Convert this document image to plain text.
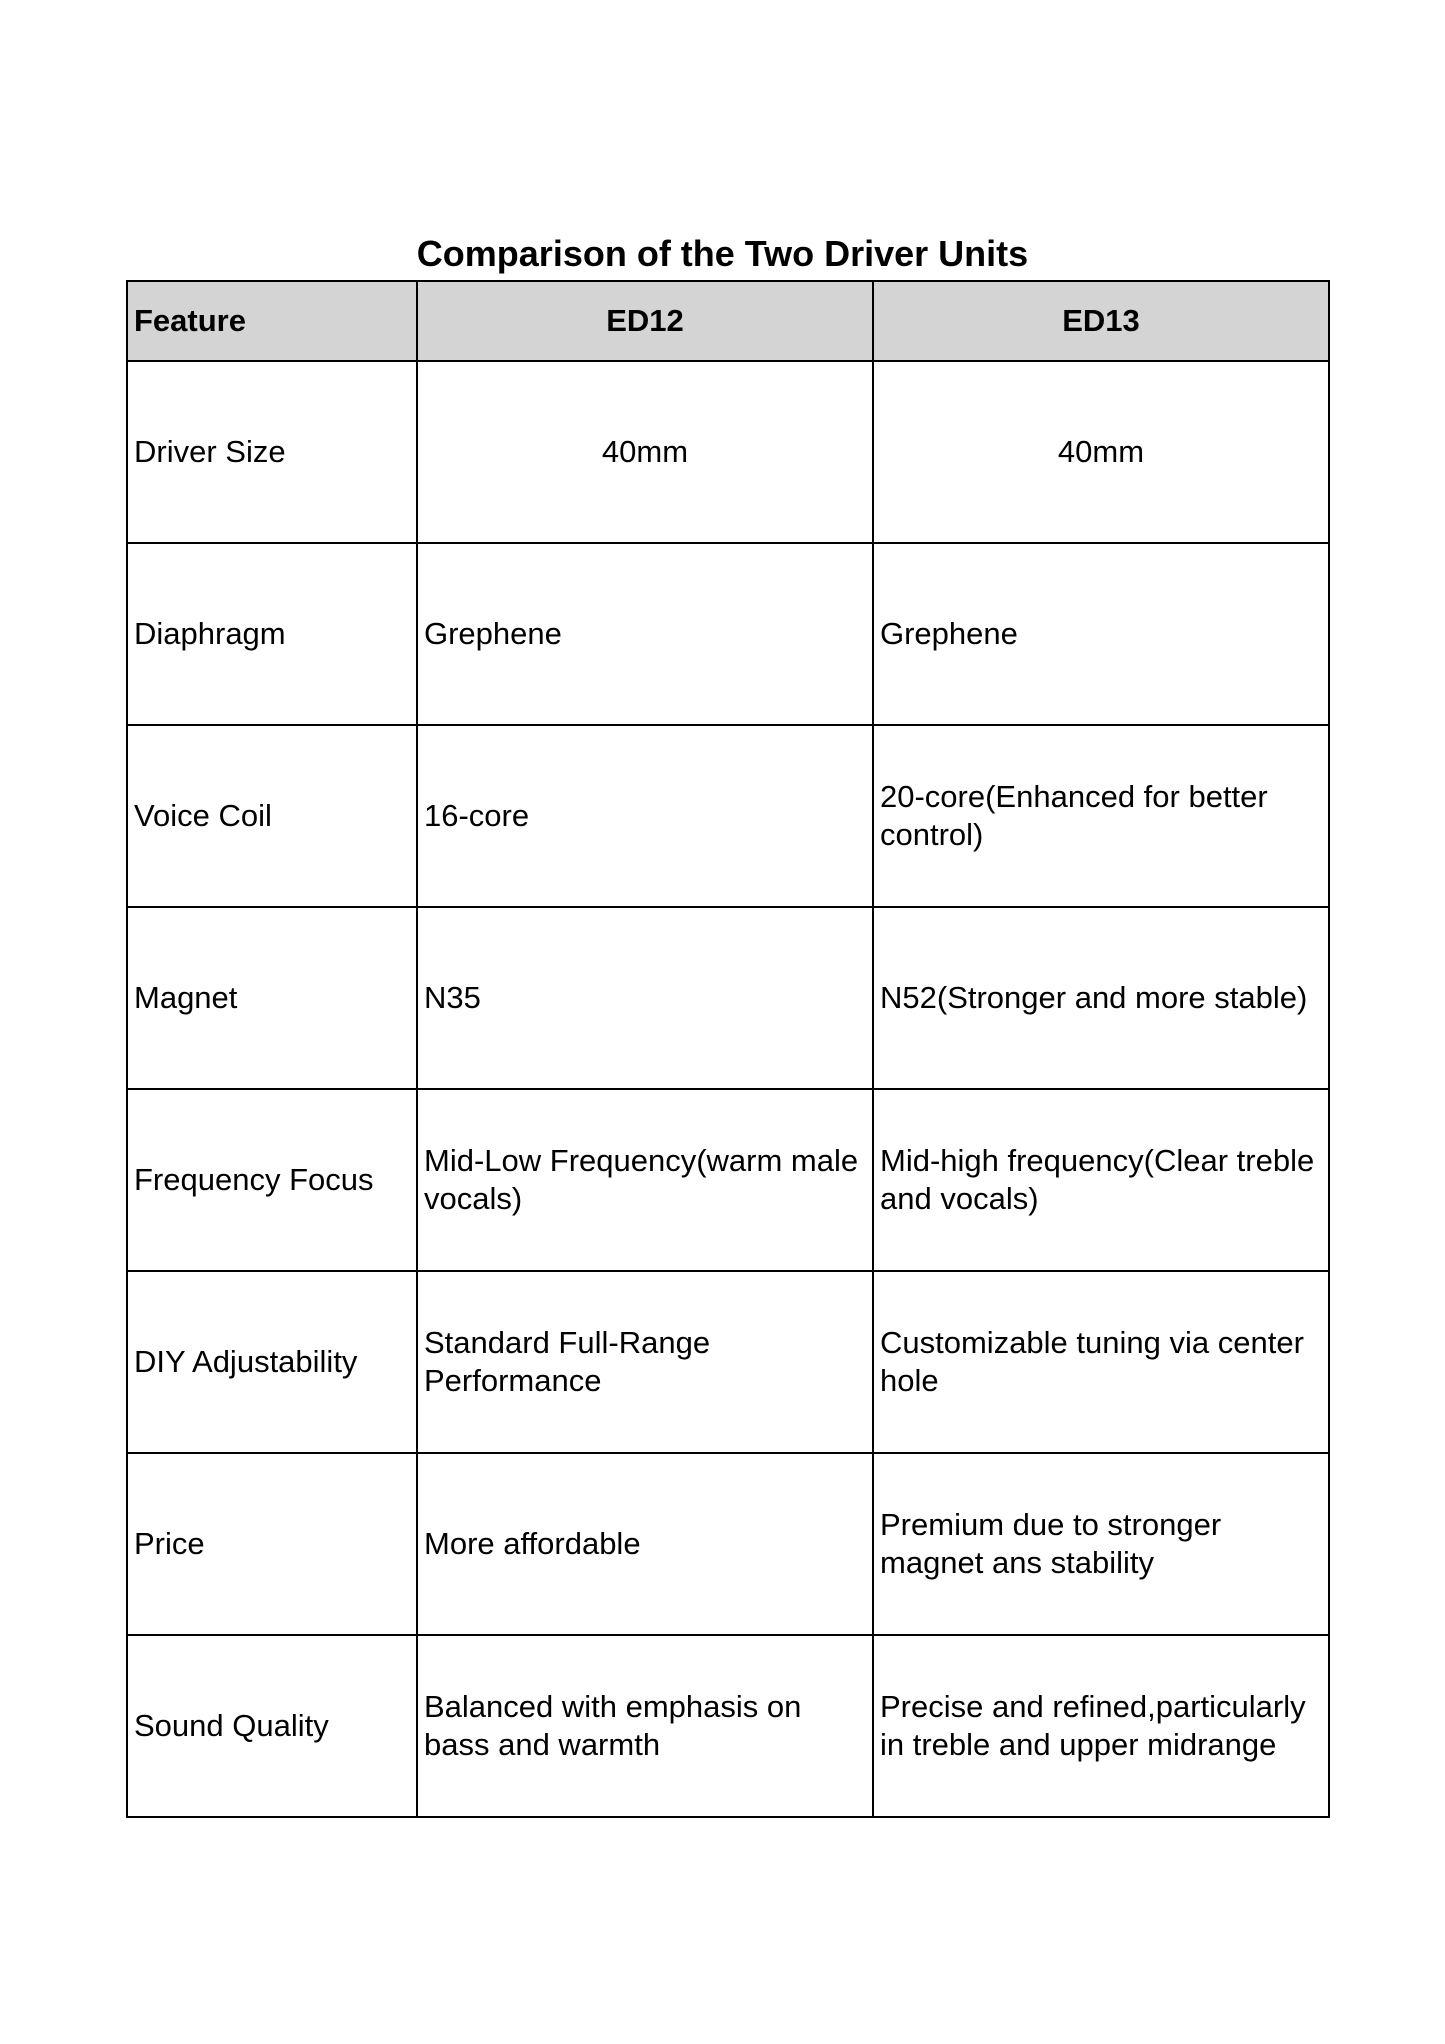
Comparison of the Two Driver Units
Feature	ED12	ED13
Driver Size	40mm	40mm
Diaphragm	Grephene	Grephene
Voice Coil	16-core	20-core(Enhanced for better control)
Magnet	N35	N52(Stronger and more stable)
Frequency Focus	Mid-Low Frequency(warm male vocals)	Mid-high frequency(Clear treble and vocals)
DIY Adjustability	Standard Full-Range Performance	Customizable tuning via center hole
Price	More affordable	Premium due to stronger magnet ans stability
Sound Quality	Balanced with emphasis on bass and warmth	Precise and refined,particularly in treble and upper midrange
